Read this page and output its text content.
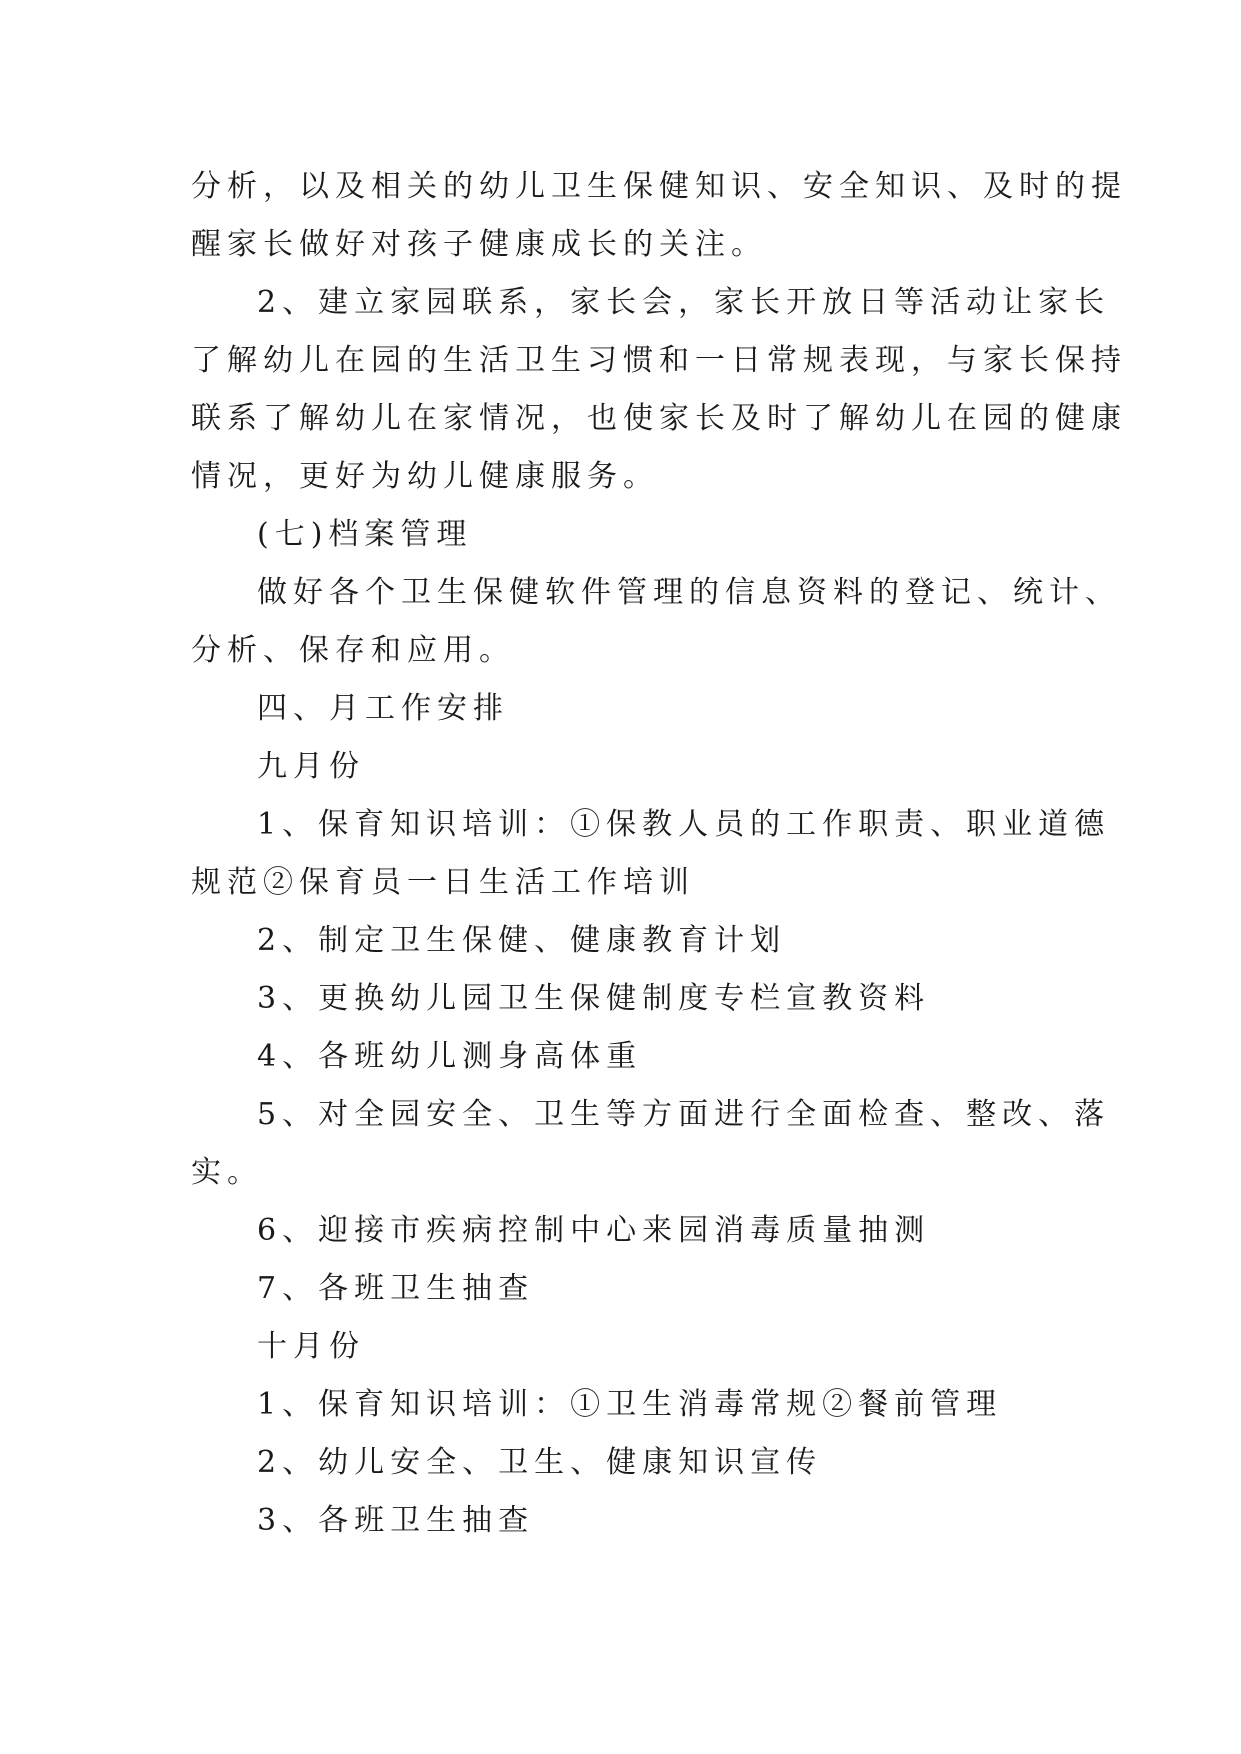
分析，以及相关的幼儿卫生保健知识、安全知识、及时的提

醒家长做好对孩子健康成长的关注。

2、建立家园联系，家长会，家长开放日等活动让家长

了解幼儿在园的生活卫生习惯和一日常规表现，与家长保持

联系了解幼儿在家情况，也使家长及时了解幼儿在园的健康

情况，更好为幼儿健康服务。

(七)档案管理

做好各个卫生保健软件管理的信息资料的登记、统计、

分析、保存和应用。

四、月工作安排

九月份

1、保育知识培训：①保教人员的工作职责、职业道德

规范②保育员一日生活工作培训

2、制定卫生保健、健康教育计划

3、更换幼儿园卫生保健制度专栏宣教资料

4、各班幼儿测身高体重

5、对全园安全、卫生等方面进行全面检查、整改、落

实。

6、迎接市疾病控制中心来园消毒质量抽测

7、各班卫生抽查

十月份

1、保育知识培训：①卫生消毒常规②餐前管理

2、幼儿安全、卫生、健康知识宣传

3、各班卫生抽查
